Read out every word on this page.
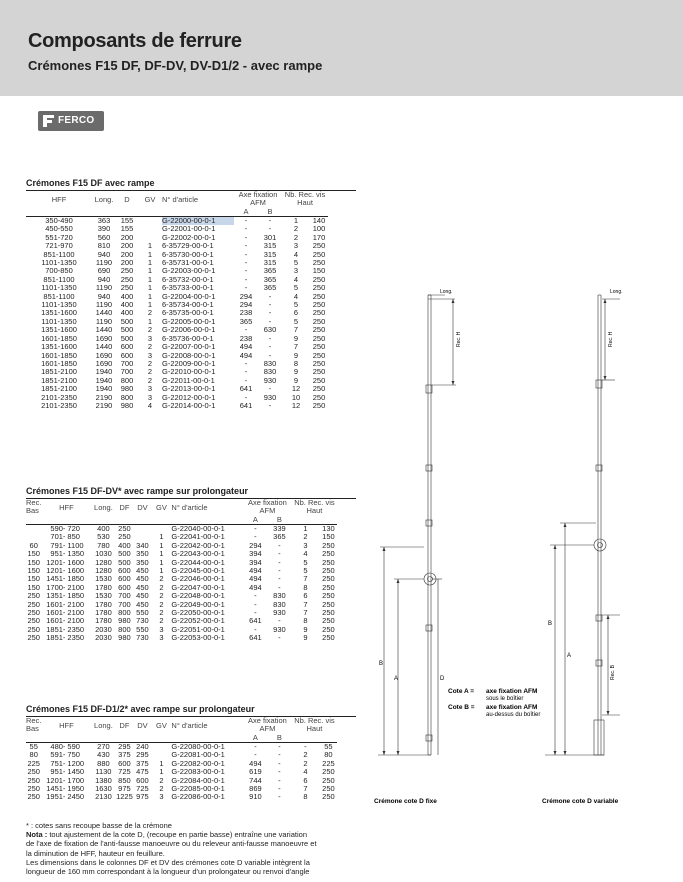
Composants de ferrure
Crémones F15 DF, DF-DV, DV-D1/2 - avec rampe
FERCO
Crémones F15 DF avec rampe
HFF	Long.	D	GV	N° d'article	Axe fixation AFM		Nb. Rec. vis Haut	
					A	B		
350-490	363	155		G-22000-00-0-1	-	-	1	140
450-550	390	155		G-22001-00-0-1	-	-	2	100
551-720	560	200		G-22002-00-0-1	-	301	2	170
721-970	810	200	1	6-35729-00-0-1	-	315	3	250
851-1100	940	200	1	6-35730-00-0-1	-	315	4	250
1101-1350	1190	200	1	6-35731-00-0-1	-	315	5	250
700-850	690	250	1	G-22003-00-0-1	-	365	3	150
851-1100	940	250	1	6-35732-00-0-1	-	365	4	250
1101-1350	1190	250	1	6-35733-00-0-1	-	365	5	250
851-1100	940	400	1	G-22004-00-0-1	294	-	4	250
1101-1350	1190	400	1	6-35734-00-0-1	294	-	5	250
1351-1600	1440	400	2	6-35735-00-0-1	238	-	6	250
1101-1350	1190	500	1	G-22005-00-0-1	365	-	5	250
1351-1600	1440	500	2	G-22006-00-0-1	-	630	7	250
1601-1850	1690	500	3	6-35736-00-0-1	238	-	9	250
1351-1600	1440	600	2	G-22007-00-0-1	494	-	7	250
1601-1850	1690	600	3	G-22008-00-0-1	494	-	9	250
1601-1850	1690	700	2	G-22009-00-0-1	-	830	8	250
1851-2100	1940	700	2	G-22010-00-0-1	-	830	9	250
1851-2100	1940	800	2	G-22011-00-0-1	-	930	9	250
1851-2100	1940	980	3	G-22013-00-0-1	641	-	12	250
2101-2350	2190	800	3	G-22012-00-0-1	-	930	10	250
2101-2350	2190	980	4	G-22014-00-0-1	641	-	12	250
Crémones F15 DF-DV* avec rampe sur prolongateur
Rec. Bas	HFF		Long.	DF	DV	GV	N° d'article	Axe fixation AFM		Nb. Rec. vis Haut	
								A	B		
	590-	720	400	250			G-22040-00-0-1	-	339	1	130
	701-	850	530	250		1	G-22041-00-0-1	-	365	2	150
60	791-	1100	780	400	340	1	G-22042-00-0-1	294	-	3	250
150	951-	1350	1030	500	350	1	G-22043-00-0-1	394	-	4	250
150	1201-	1600	1280	500	350	1	G-22044-00-0-1	394	-	5	250
150	1201-	1600	1280	600	450	1	G-22045-00-0-1	494	-	5	250
150	1451-	1850	1530	600	450	2	G-22046-00-0-1	494	-	7	250
150	1700-	2100	1780	600	450	2	G-22047-00-0-1	494	-	8	250
250	1351-	1850	1530	700	450	2	G-22048-00-0-1	-	830	6	250
250	1601-	2100	1780	700	450	2	G-22049-00-0-1	-	830	7	250
250	1601-	2100	1780	800	550	2	G-22050-00-0-1	-	930	7	250
250	1601-	2100	1780	980	730	2	G-22052-00-0-1	641	-	8	250
250	1851-	2350	2030	800	550	3	G-22051-00-0-1	-	930	9	250
250	1851-	2350	2030	980	730	3	G-22053-00-0-1	641	-	9	250
Crémones F15 DF-D1/2* avec rampe sur prolongateur
Rec. Bas	HFF		Long.	DF	DV	GV	N° d'article	Axe fixation AFM		Nb. Rec. vis Haut	
								A	B		
55	480-	590	270	295	240		G-22080-00-0-1	-	-	-	55
80	591-	750	430	375	295		G-22081-00-0-1	-	-	2	80
225	751-	1200	880	600	375	1	G-22082-00-0-1	494	-	2	225
250	951-	1450	1130	725	475	1	G-22083-00-0-1	619	-	4	250
250	1201-	1700	1380	850	600	2	G-22084-00-0-1	744	-	6	250
250	1451-	1950	1630	975	725	2	G-22085-00-0-1	869	-	7	250
250	1951-	2450	2130	1225	975	3	G-22086-00-0-1	910	-	8	250
* : cotes sans recoupe basse de la crémone
Nota : tout ajustement de la cote D, (recoupe en partie basse) entraîne une variation
de l'axe de fixation de l'anti-fausse manoeuvre ou du releveur anti-fausse manoeuvre et
la diminution de HFF, hauteur en feuillure.
Les dimensions dans le colonnes DF et DV des crémones cote D variable intègrent la
longueur de 160 mm correspondant à la longueur d'un prolongateur ou renvoi d'angle
Long.	Long.
Rec. H	Rec. H
A
B
D
A
B
Rec. B
Cote A = axe fixation AFM
sous le boîtier
Cote B = axe fixation AFM
au-dessus du boîtier
Crémone cote D fixe	Crémone cote D variable
